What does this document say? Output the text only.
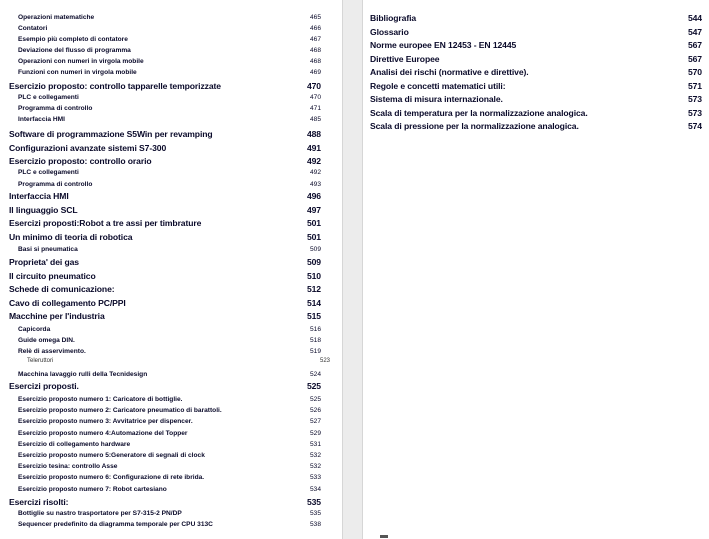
Operazioni matematiche	465
Contatori	466
Esempio più completo di contatore	467
Deviazione del flusso di programma	468
Operazioni con numeri in virgola mobile	468
Funzioni con numeri in virgola mobile	469
Esercizio proposto: controllo tapparelle temporizzate	470
PLC e collegamenti	470
Programma di controllo	471
Interfaccia HMI	485
Software di programmazione S5Win per revamping	488
Configurazioni avanzate sistemi S7-300	491
Esercizio proposto: controllo orario	492
PLC e collegamenti	492
Programma di controllo	493
Interfaccia HMI	496
Il linguaggio SCL	497
Esercizi proposti:Robot a tre assi per timbrature	501
Un minimo di teoria di robotica	501
Basi si pneumatica	509
Proprieta' dei gas	509
Il circuito pneumatico	510
Schede di comunicazione:	512
Cavo di collegamento PC/PPI	514
Macchine per l'industria	515
Capicorda	516
Guide omega DIN.	518
Relè di asservimento.	519
Teleruttori	523
Macchina lavaggio rulli della Tecnidesign	524
Esercizi proposti.	525
Esercizio proposto numero 1: Caricatore di bottiglie.	525
Esercizio proposto numero 2: Caricatore pneumatico di barattoli.	526
Esercizio proposto numero 3: Avvitatrice per dispencer.	527
Esercizio proposto numero 4:Automazione del Topper	529
Esercizio di collegamento hardware	531
Esercizio proposto numero 5:Generatore di segnali di clock	532
Esercizio tesina: controllo Asse	532
Esercizio proposto numero 6: Configurazione di rete ibrida.	533
Esercizio proposto numero 7: Robot cartesiano	534
Esercizi risolti:	535
Bottiglie su nastro trasportatore per S7-315-2 PN/DP	535
Sequencer predefinito da diagramma temporale per CPU 313C	538
Bibliografia	544
Glossario	547
Norme europee EN 12453 - EN 12445	567
Direttive Europee	567
Analisi dei rischi (normative e direttive).	570
Regole e concetti matematici utili:	571
Sistema di misura internazionale.	573
Scala di temperatura per la normalizzazione analogica.	573
Scala di pressione per la normalizzazione analogica.	574
